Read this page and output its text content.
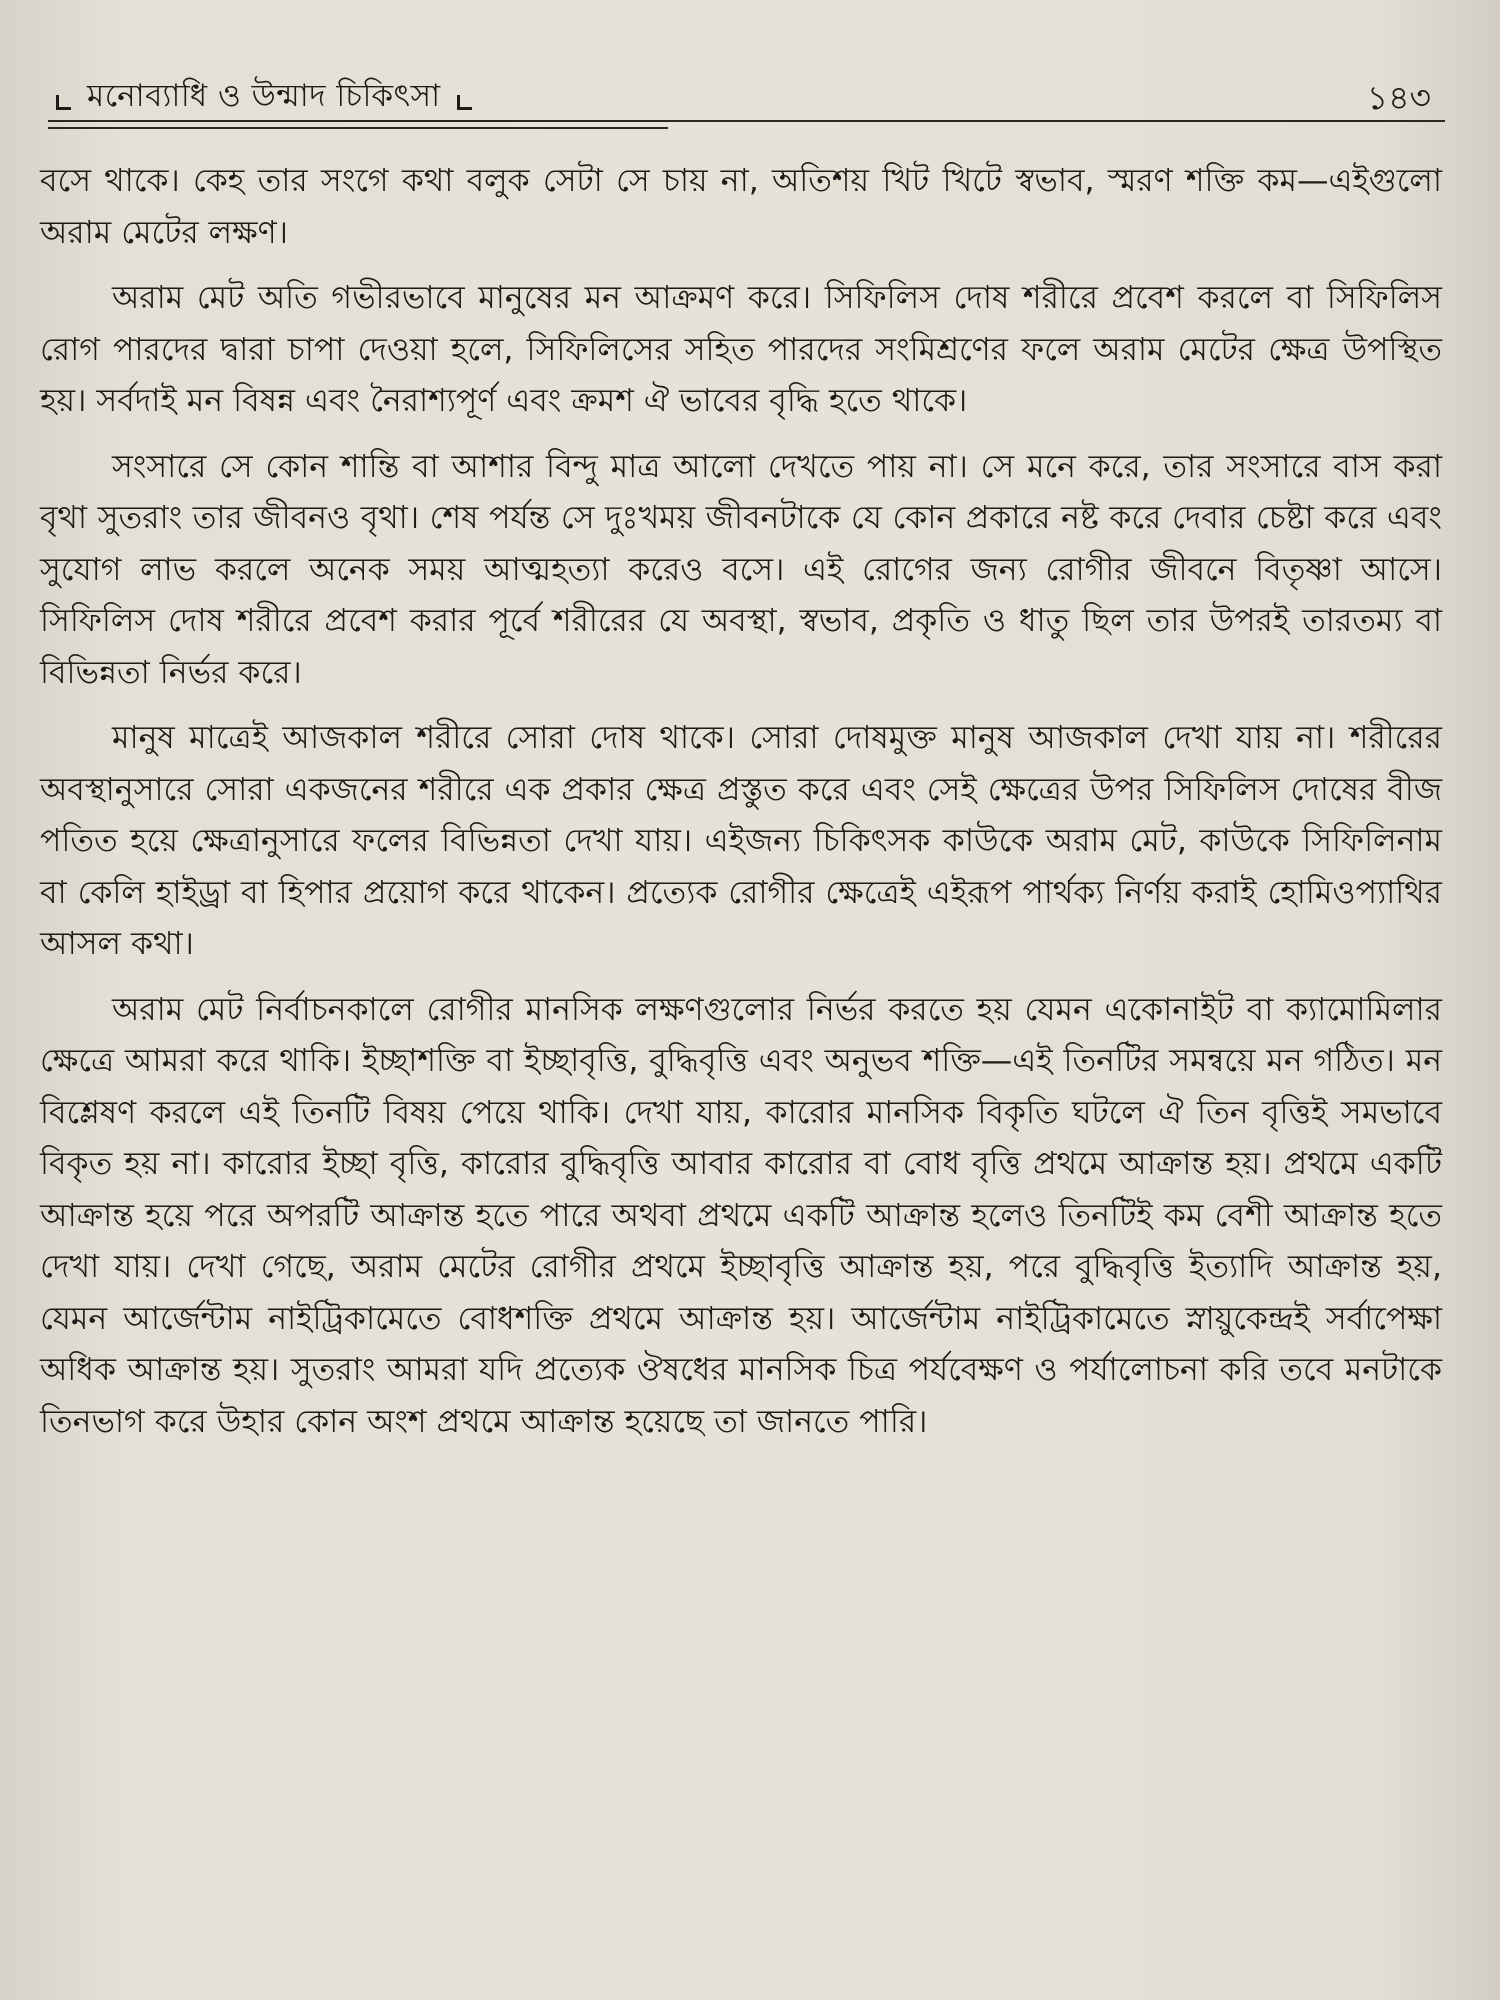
মনোব্যাধি ও উন্মাদ চিকিৎসা	১৪৩

বসে থাকে। কেহ তার সংগে কথা বলুক সেটা সে চায় না, অতিশয় খিট খিটে স্বভাব, স্মরণ শক্তি কম—এইগুলো অরাম মেটের লক্ষণ।

অরাম মেট অতি গভীরভাবে মানুষের মন আক্রমণ করে। সিফিলিস দোষ শরীরে প্রবেশ করলে বা সিফিলিস রোগ পারদের দ্বারা চাপা দেওয়া হলে, সিফিলিসের সহিত পারদের সংমিশ্রণের ফলে অরাম মেটের ক্ষেত্র উপস্থিত হয়। সর্বদাই মন বিষন্ন এবং নৈরাশ্যপূর্ণ এবং ক্রমশ ঐ ভাবের বৃদ্ধি হতে থাকে।

সংসারে সে কোন শান্তি বা আশার বিন্দু মাত্র আলো দেখতে পায় না। সে মনে করে, তার সংসারে বাস করা বৃথা সুতরাং তার জীবনও বৃথা। শেষ পর্যন্ত সে দুঃখময় জীবনটাকে যে কোন প্রকারে নষ্ট করে দেবার চেষ্টা করে এবং সুযোগ লাভ করলে অনেক সময় আত্মহত্যা করেও বসে। এই রোগের জন্য রোগীর জীবনে বিতৃষ্ণা আসে। সিফিলিস দোষ শরীরে প্রবেশ করার পূর্বে শরীরের যে অবস্থা, স্বভাব, প্রকৃতি ও ধাতু ছিল তার উপরই তারতম্য বা বিভিন্নতা নির্ভর করে।

মানুষ মাত্রেই আজকাল শরীরে সোরা দোষ থাকে। সোরা দোষমুক্ত মানুষ আজকাল দেখা যায় না। শরীরের অবস্থানুসারে সোরা একজনের শরীরে এক প্রকার ক্ষেত্র প্রস্তুত করে এবং সেই ক্ষেত্রের উপর সিফিলিস দোষের বীজ পতিত হয়ে ক্ষেত্রানুসারে ফলের বিভিন্নতা দেখা যায়। এইজন্য চিকিৎসক কাউকে অরাম মেট, কাউকে সিফিলিনাম বা কেলি হাইড্রা বা হিপার প্রয়োগ করে থাকেন। প্রত্যেক রোগীর ক্ষেত্রেই এইরূপ পার্থক্য নির্ণয় করাই হোমিওপ্যাথির আসল কথা।

অরাম মেট নির্বাচনকালে রোগীর মানসিক লক্ষণগুলোর নির্ভর করতে হয় যেমন একোনাইট বা ক্যামোমিলার ক্ষেত্রে আমরা করে থাকি। ইচ্ছাশক্তি বা ইচ্ছাবৃত্তি, বুদ্ধিবৃত্তি এবং অনুভব শক্তি—এই তিনটির সমন্বয়ে মন গঠিত। মন বিশ্লেষণ করলে এই তিনটি বিষয় পেয়ে থাকি। দেখা যায়, কারোর মানসিক বিকৃতি ঘটলে ঐ তিন বৃত্তিই সমভাবে বিকৃত হয় না। কারোর ইচ্ছা বৃত্তি, কারোর বুদ্ধিবৃত্তি আবার কারোর বা বোধ বৃত্তি প্রথমে আক্রান্ত হয়। প্রথমে একটি আক্রান্ত হয়ে পরে অপরটি আক্রান্ত হতে পারে অথবা প্রথমে একটি আক্রান্ত হলেও তিনটিই কম বেশী আক্রান্ত হতে দেখা যায়। দেখা গেছে, অরাম মেটের রোগীর প্রথমে ইচ্ছাবৃত্তি আক্রান্ত হয়, পরে বুদ্ধিবৃত্তি ইত্যাদি আক্রান্ত হয়, যেমন আর্জেন্টাম নাইট্রিকামেতে বোধশক্তি প্রথমে আক্রান্ত হয়। আর্জেন্টাম নাইট্রিকামেতে স্নায়ুকেন্দ্রই সর্বাপেক্ষা অধিক আক্রান্ত হয়। সুতরাং আমরা যদি প্রত্যেক ঔষধের মানসিক চিত্র পর্যবেক্ষণ ও পর্যালোচনা করি তবে মনটাকে তিনভাগ করে উহার কোন অংশ প্রথমে আক্রান্ত হয়েছে তা জানতে পারি।
